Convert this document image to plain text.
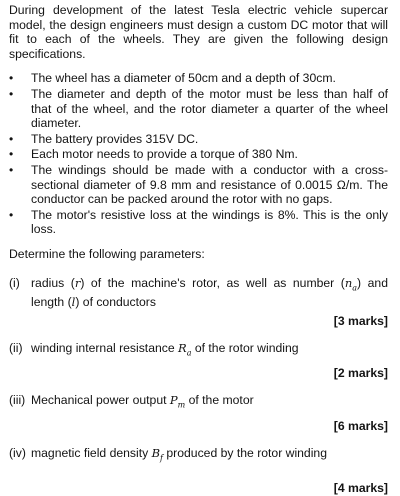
During development of the latest Tesla electric vehicle supercar model, the design engineers must design a custom DC motor that will fit to each of the wheels. They are given the following design specifications.

• The wheel has a diameter of 50cm and a depth of 30cm.
• The diameter and depth of the motor must be less than half of that of the wheel, and the rotor diameter a quarter of the wheel diameter.
• The battery provides 315V DC.
• Each motor needs to provide a torque of 380 Nm.
• The windings should be made with a conductor with a cross-sectional diameter of 9.8 mm and resistance of 0.0015 Ω/m. The conductor can be packed around the rotor with no gaps.
• The motor's resistive loss at the windings is 8%. This is the only loss.

Determine the following parameters:

(i) radius (r) of the machine's rotor, as well as number $(n_a)$ and length (l) of conductors
[3 marks]
(ii) winding internal resistance $R_a$ of the rotor winding
[2 marks]
(iii) Mechanical power output $P_m$ of the motor
[6 marks]
(iv) magnetic field density $B_f$ produced by the rotor winding
[4 marks]
